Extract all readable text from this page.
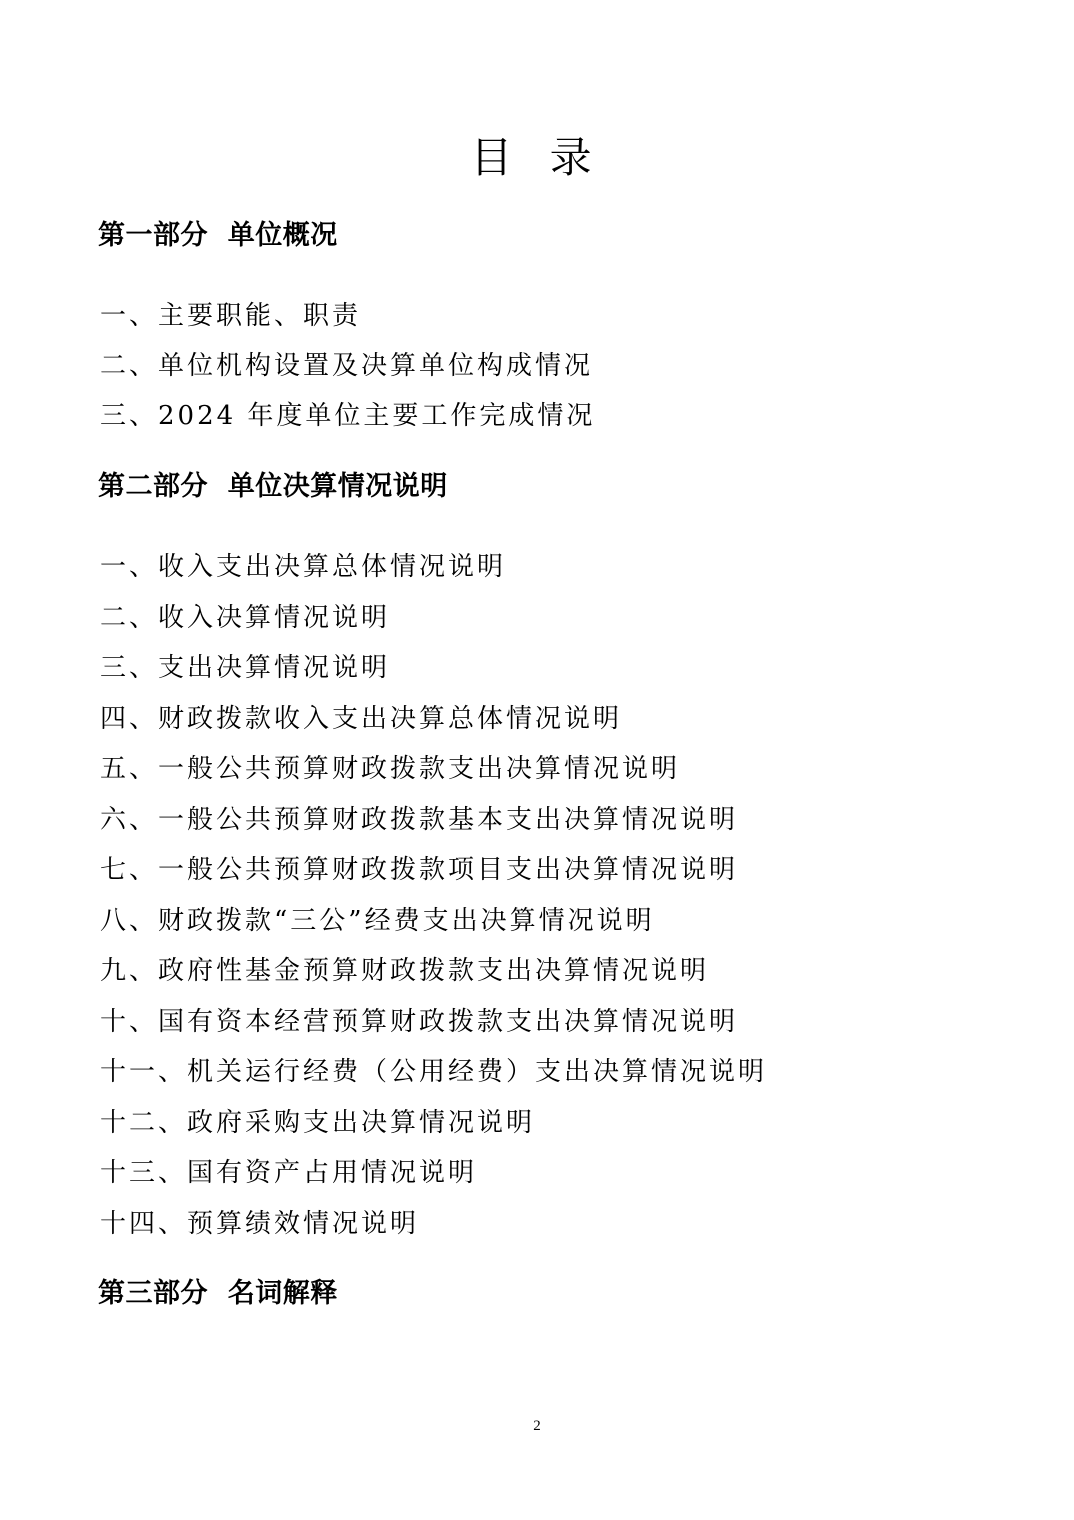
目 录
第一部分  单位概况

一、主要职能、职责

二、单位机构设置及决算单位构成情况

三、2024 年度单位主要工作完成情况

第二部分  单位决算情况说明

一、收入支出决算总体情况说明

二、收入决算情况说明

三、支出决算情况说明

四、财政拨款收入支出决算总体情况说明

五、一般公共预算财政拨款支出决算情况说明

六、一般公共预算财政拨款基本支出决算情况说明

七、一般公共预算财政拨款项目支出决算情况说明

八、财政拨款“三公”经费支出决算情况说明

九、政府性基金预算财政拨款支出决算情况说明

十、国有资本经营预算财政拨款支出决算情况说明

十一、机关运行经费（公用经费）支出决算情况说明

十二、政府采购支出决算情况说明

十三、国有资产占用情况说明

十四、预算绩效情况说明

第三部分  名词解释
2
